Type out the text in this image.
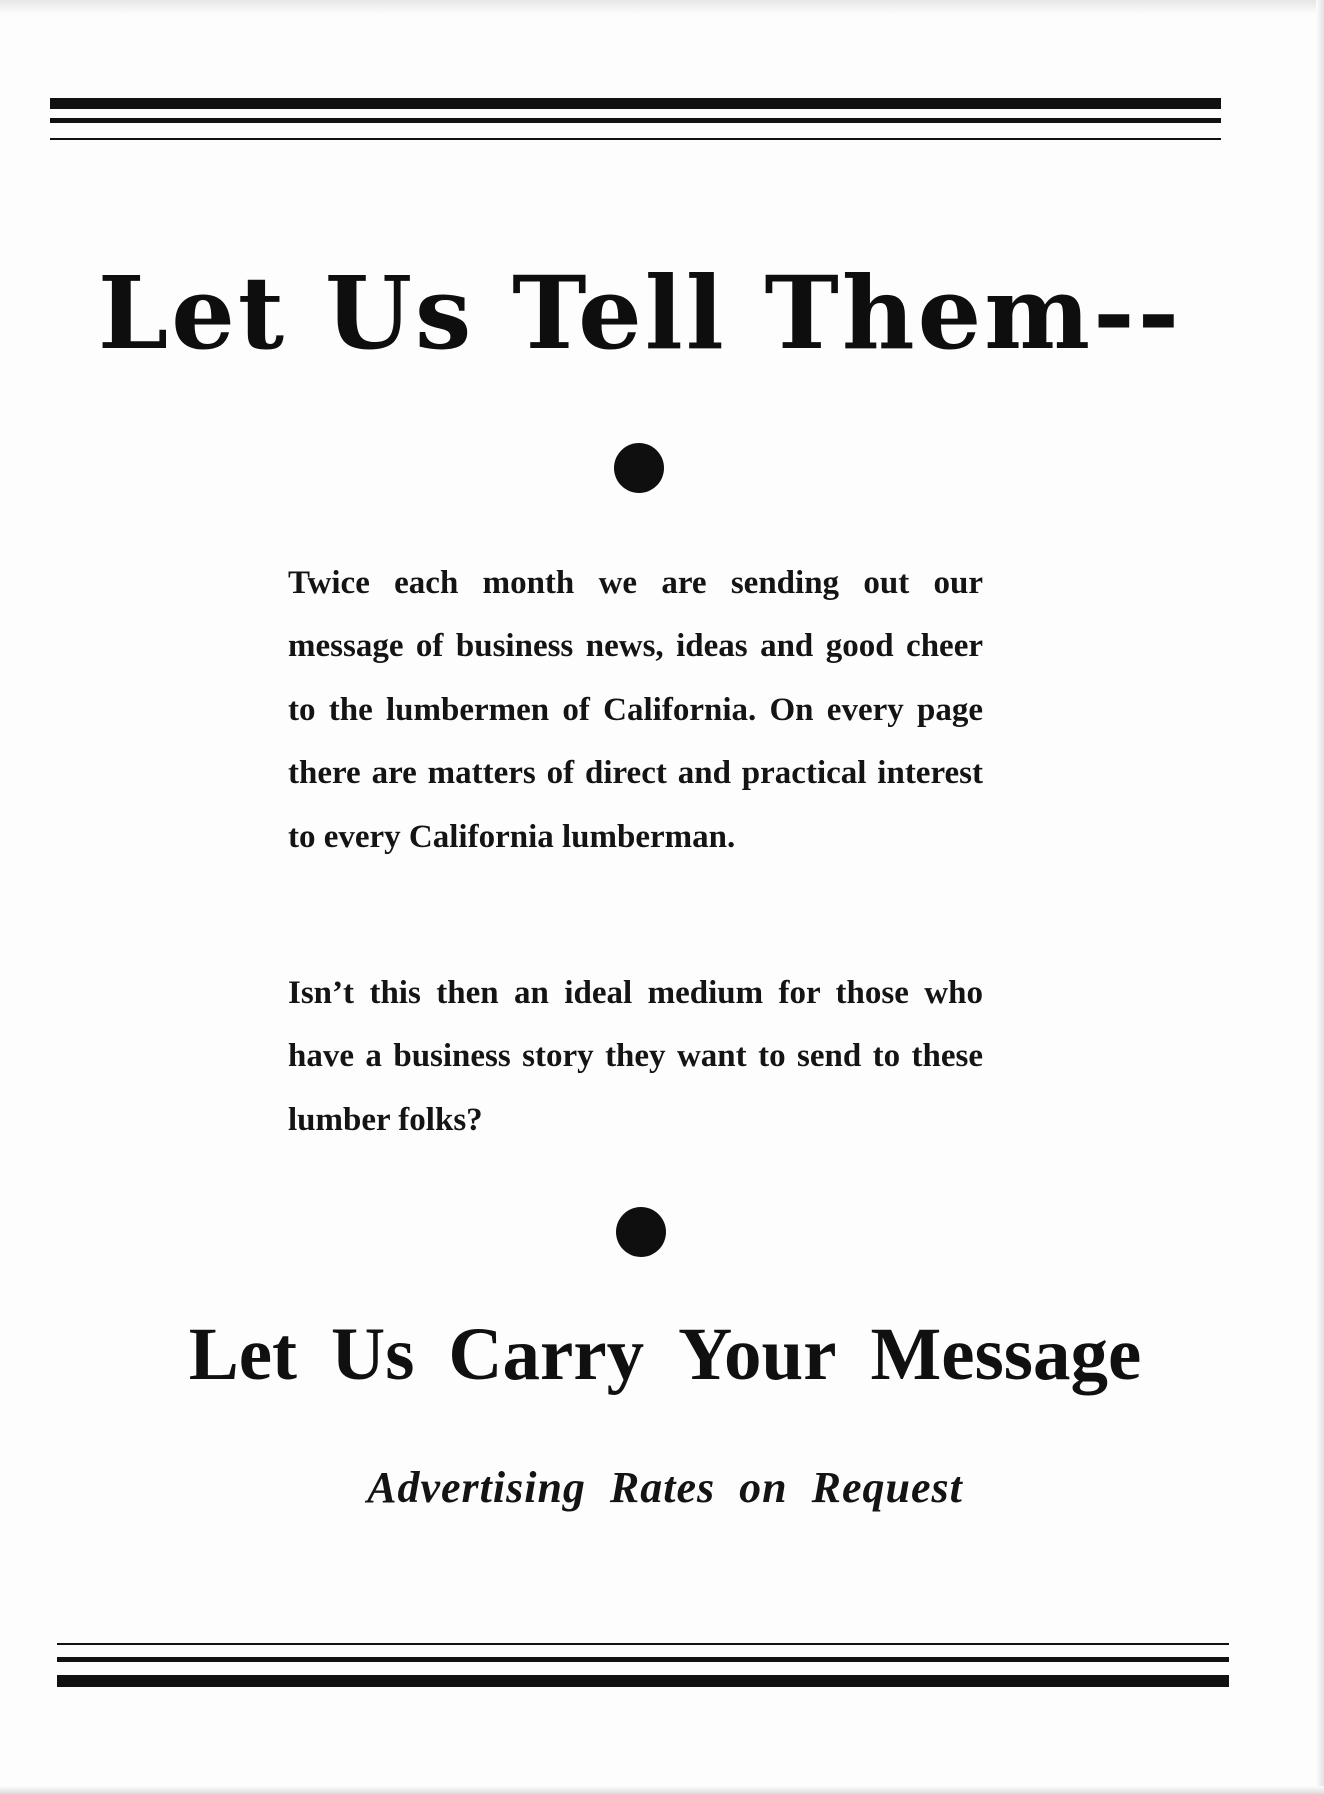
Let Us Tell Them--

Twice each month we are sending out our message of business news, ideas and good cheer to the lumbermen of California. On every page there are matters of direct and practical interest to every California lumberman.

Isn’t this then an ideal medium for those who have a business story they want to send to these lumber folks?

Let Us Carry Your Message

Advertising Rates on Request
